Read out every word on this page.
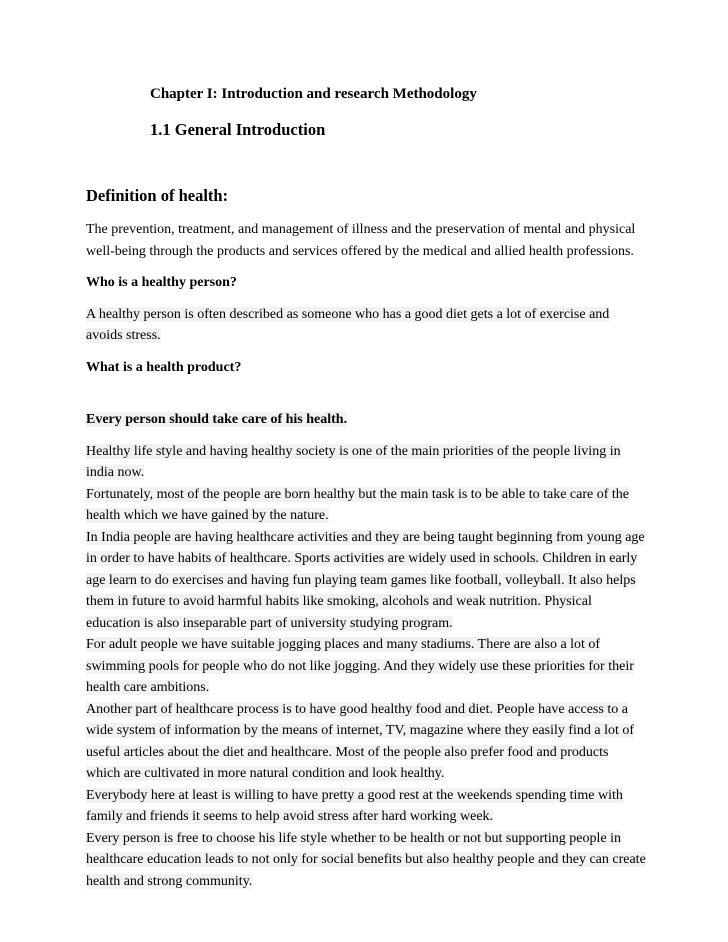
Chapter I: Introduction and research Methodology
1.1 General Introduction
Definition of health:

The prevention, treatment, and management of illness and the preservation of mental and physical well-being through the products and services offered by the medical and allied health professions.

Who is a healthy person?

A healthy person is often described as someone who has a good diet gets a lot of exercise and avoids stress.

What is a health product?

Every person should take care of his health.

Healthy life style and having healthy society is one of the main priorities of the people living in india now.
Fortunately, most of the people are born healthy but the main task is to be able to take care of the health which we have gained by the nature.
In India people are having healthcare activities and they are being taught beginning from young age in order to have habits of healthcare. Sports activities are widely used in schools. Children in early age learn to do exercises and having fun playing team games like football, volleyball. It also helps them in future to avoid harmful habits like smoking, alcohols and weak nutrition. Physical education is also inseparable part of university studying program.
For adult people we have suitable jogging places and many stadiums. There are also a lot of swimming pools for people who do not like jogging. And they widely use these priorities for their health care ambitions.
Another part of healthcare process is to have good healthy food and diet. People have access to a wide system of information by the means of internet, TV, magazine where they easily find a lot of useful articles about the diet and healthcare. Most of the people also prefer food and products which are cultivated in more natural condition and look healthy.
Everybody here at least is willing to have pretty a good rest at the weekends spending time with family and friends it seems to help avoid stress after hard working week.
Every person is free to choose his life style whether to be health or not but supporting people in healthcare education leads to not only for social benefits but also healthy people and they can create health and strong community.
